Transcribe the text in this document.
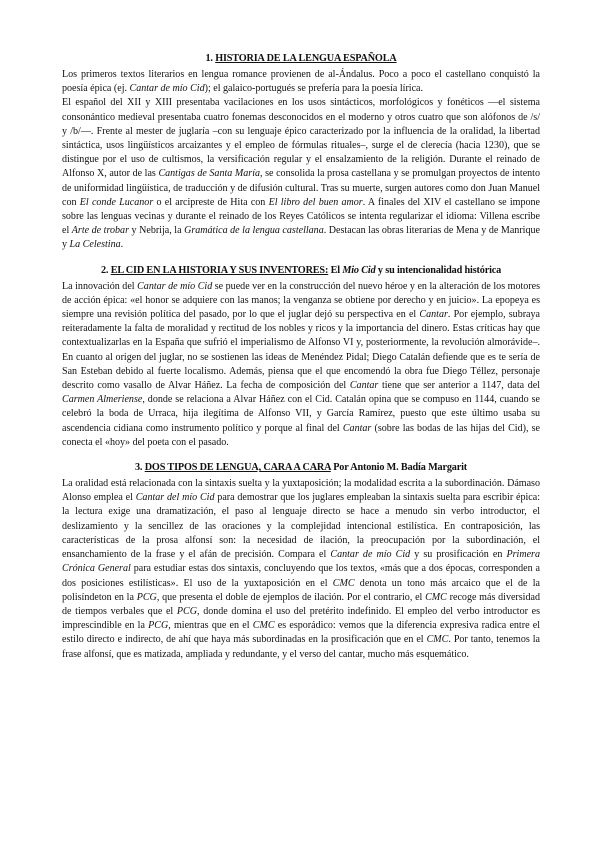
1. HISTORIA DE LA LENGUA ESPAÑOLA

Los primeros textos literarios en lengua romance provienen de al-Ándalus. Poco a poco el castellano conquistó la poesía épica (ej. Cantar de mío Cid); el galaico-portugués se prefería para la poesía lírica.

El español del XII y XIII presentaba vacilaciones en los usos sintácticos, morfológicos y fonéticos —el sistema consonántico medieval presentaba cuatro fonemas desconocidos en el moderno y otros cuatro que son alófonos de /s/ y /b/—. Frente al mester de juglaría –con su lenguaje épico caracterizado por la influencia de la oralidad, la libertad sintáctica, usos lingüísticos arcaizantes y el empleo de fórmulas rituales–, surge el de clerecía (hacia 1230), que se distingue por el uso de cultismos, la versificación regular y el ensalzamiento de la religión. Durante el reinado de Alfonso X, autor de las Cantigas de Santa María, se consolida la prosa castellana y se promulgan proyectos de intento de uniformidad lingüística, de traducción y de difusión cultural. Tras su muerte, surgen autores como don Juan Manuel con El conde Lucanor o el arcipreste de Hita con El libro del buen amor. A finales del XIV el castellano se impone sobre las lenguas vecinas y durante el reinado de los Reyes Católicos se intenta regularizar el idioma: Villena escribe el Arte de trobar y Nebrija, la Gramática de la lengua castellana. Destacan las obras literarias de Mena y de Manrique y La Celestina.

2. EL CID EN LA HISTORIA Y SUS INVENTORES: El Mio Cid y su intencionalidad histórica

La innovación del Cantar de mío Cid se puede ver en la construcción del nuevo héroe y en la alteración de los motores de acción épica: «el honor se adquiere con las manos; la venganza se obtiene por derecho y en juicio». La epopeya es siempre una revisión política del pasado, por lo que el juglar dejó su perspectiva en el Cantar. Por ejemplo, subraya reiteradamente la falta de moralidad y rectitud de los nobles y ricos y la importancia del dinero. Estas críticas hay que contextualizarlas en la España que sufrió el imperialismo de Alfonso VI y, posteriormente, la revolución almorávide–. En cuanto al origen del juglar, no se sostienen las ideas de Menéndez Pidal; Diego Catalán defiende que es te sería de San Esteban debido al fuerte localismo. Además, piensa que el que encomendó la obra fue Diego Téllez, personaje descrito como vasallo de Alvar Háñez. La fecha de composición del Cantar tiene que ser anterior a 1147, data del Carmen Almeriense, donde se relaciona a Alvar Háñez con el Cid. Catalán opina que se compuso en 1144, cuando se celebró la boda de Urraca, hija ilegítima de Alfonso VII, y García Ramírez, puesto que este último usaba su ascendencia cidiana como instrumento político y porque al final del Cantar (sobre las bodas de las hijas del Cid), se conecta el «hoy» del poeta con el pasado.

3. DOS TIPOS DE LENGUA, CARA A CARA Por Antonio M. Badía Margarit

La oralidad está relacionada con la sintaxis suelta y la yuxtaposición; la modalidad escrita a la subordinación. Dámaso Alonso emplea el Cantar del mío Cid para demostrar que los juglares empleaban la sintaxis suelta para escribir épica: la lectura exige una dramatización, el paso al lenguaje directo se hace a menudo sin verbo introductor, el deslizamiento y la sencillez de las oraciones y la complejidad intencional estilística. En contraposición, las características de la prosa alfonsí son: la necesidad de ilación, la preocupación por la subordinación, el ensanchamiento de la frase y el afán de precisión. Compara el Cantar de mío Cid y su prosificación en Primera Crónica General para estudiar estas dos sintaxis, concluyendo que los textos, «más que a dos épocas, corresponden a dos posiciones estilísticas». El uso de la yuxtaposición en el CMC denota un tono más arcaico que el de la polisíndeton en la PCG, que presenta el doble de ejemplos de ilación. Por el contrario, el CMC recoge más diversidad de tiempos verbales que el PCG, donde domina el uso del pretérito indefinido. El empleo del verbo introductor es imprescindible en la PCG, mientras que en el CMC es esporádico: vemos que la diferencia expresiva radica entre el estilo directo e indirecto, de ahí que haya más subordinadas en la prosificación que en el CMC. Por tanto, tenemos la frase alfonsí, que es matizada, ampliada y redundante, y el verso del cantar, mucho más esquemático.
